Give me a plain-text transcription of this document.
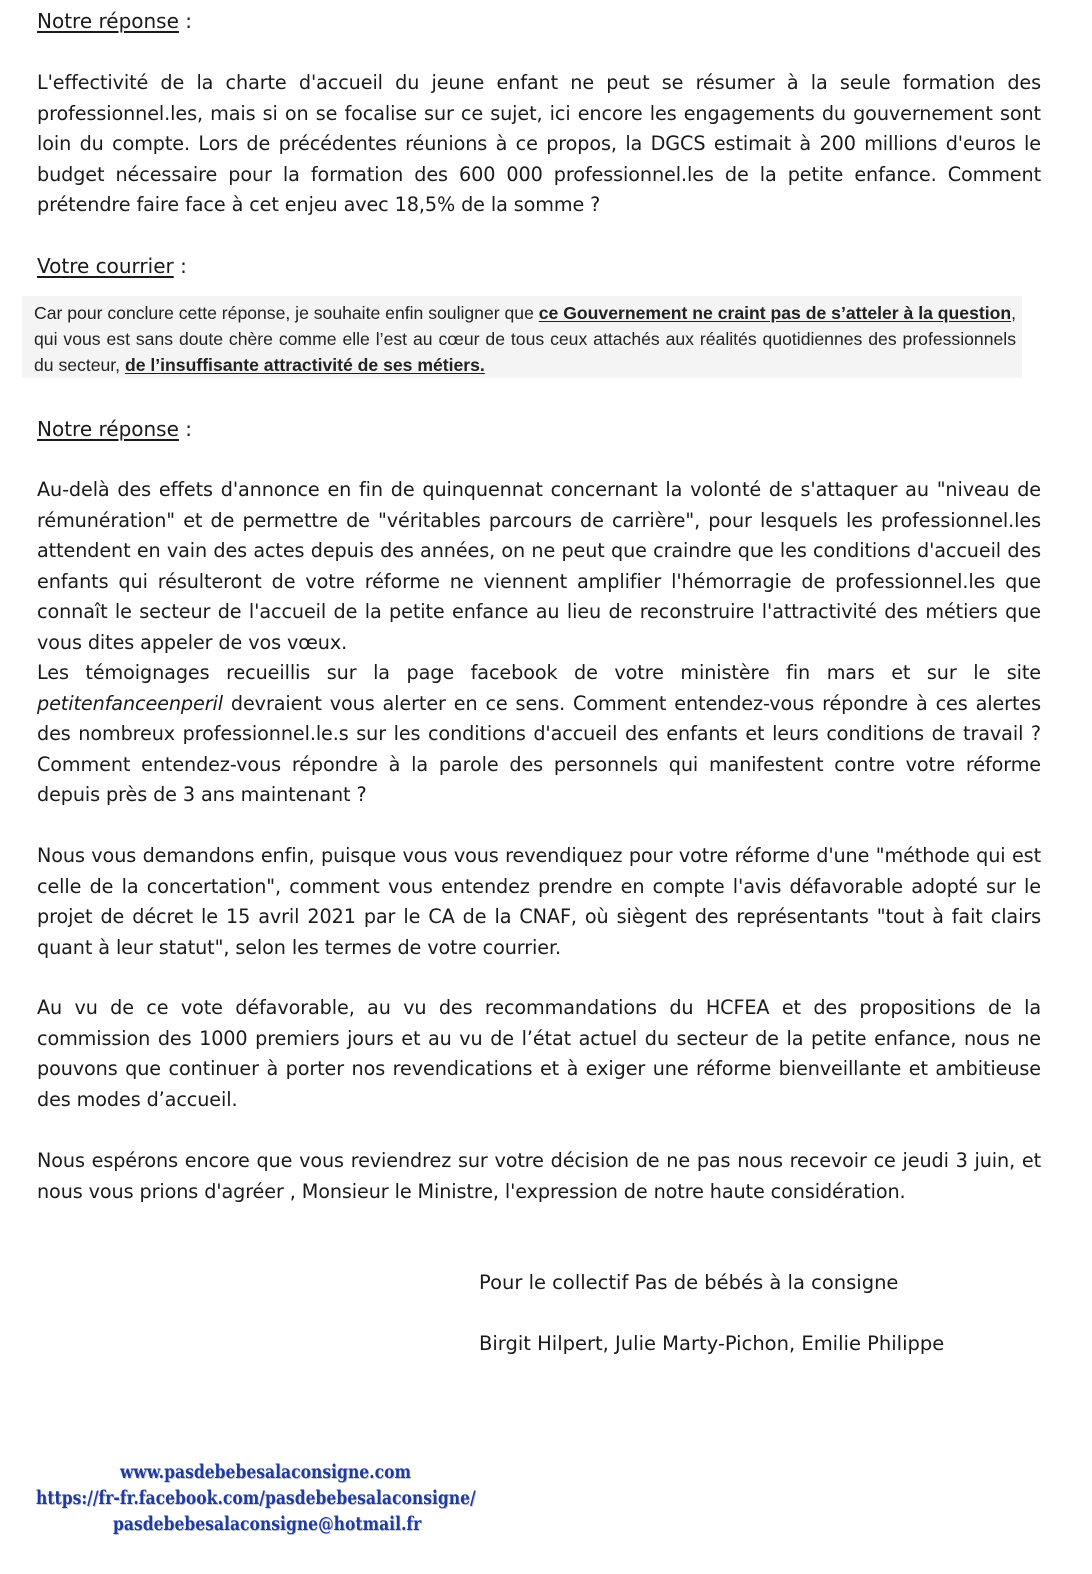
Notre réponse :
L'effectivité de la charte d'accueil du jeune enfant ne peut se résumer à la seule formation des professionnel.les, mais si on se focalise sur ce sujet, ici encore les engagements du gouvernement sont loin du compte. Lors de précédentes réunions à ce propos, la DGCS estimait à 200 millions d'euros le budget nécessaire pour la formation des 600 000 professionnel.les de la petite enfance. Comment prétendre faire face à cet enjeu avec 18,5% de la somme ?
Votre courrier :
Car pour conclure cette réponse, je souhaite enfin souligner que ce Gouvernement ne craint pas de s’atteler à la question, qui vous est sans doute chère comme elle l’est au cœur de tous ceux attachés aux réalités quotidiennes des professionnels du secteur, de l’insuffisante attractivité de ses métiers.
Notre réponse :
Au-delà des effets d'annonce en fin de quinquennat concernant la volonté de s'attaquer au "niveau de rémunération" et de permettre de "véritables parcours de carrière", pour lesquels les professionnel.les attendent en vain des actes depuis des années, on ne peut que craindre que les conditions d'accueil des enfants qui résulteront de votre réforme ne viennent amplifier l'hémorragie de professionnel.les que connaît le secteur de l'accueil de la petite enfance au lieu de reconstruire l'attractivité des métiers que vous dites appeler de vos vœux.
Les témoignages recueillis sur la page facebook de votre ministère fin mars et sur le site petitenfanceenperil devraient vous alerter en ce sens. Comment entendez-vous répondre à ces alertes des nombreux professionnel.le.s sur les conditions d'accueil des enfants et leurs conditions de travail ? Comment entendez-vous répondre à la parole des personnels qui manifestent contre votre réforme depuis près de 3 ans maintenant ?
Nous vous demandons enfin, puisque vous vous revendiquez pour votre réforme d'une "méthode qui est celle de la concertation", comment vous entendez prendre en compte l'avis défavorable adopté sur le projet de décret le 15 avril 2021 par le CA de la CNAF, où siègent des représentants "tout à fait clairs quant à leur statut", selon les termes de votre courrier.
Au vu de ce vote défavorable, au vu des recommandations du HCFEA et des propositions de la commission des 1000 premiers jours et au vu de l’état actuel du secteur de la petite enfance, nous ne pouvons que continuer à porter nos revendications et à exiger une réforme bienveillante et ambitieuse des modes d’accueil.
Nous espérons encore que vous reviendrez sur votre décision de ne pas nous recevoir ce jeudi 3 juin, et nous vous prions d'agréer , Monsieur le Ministre, l'expression de notre haute considération.
Pour le collectif Pas de bébés à la consigne
Birgit Hilpert, Julie Marty-Pichon, Emilie Philippe
www.pasdebebesalaconsigne.com
https://fr-fr.facebook.com/pasdebebesalaconsigne/
pasdebebesalaconsigne@hotmail.fr
